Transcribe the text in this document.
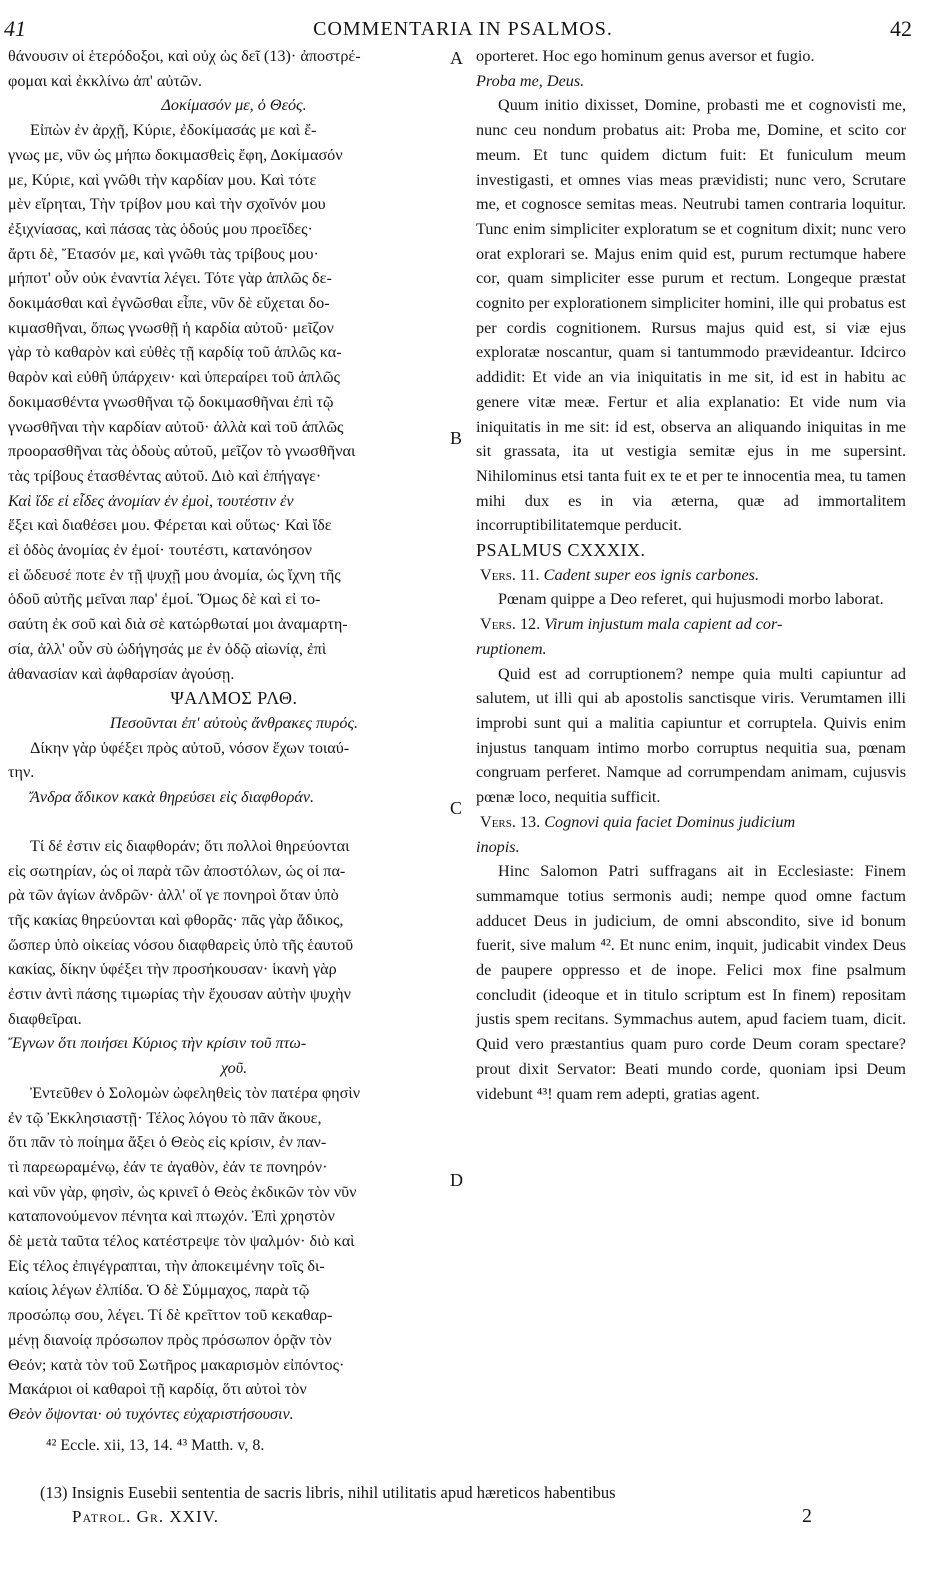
41	COMMENTARIA IN PSALMOS.	42

θάνουσιν οἱ ἑτερόδοξοι, καὶ οὐχ ὡς δεῖ (13)· ἀποστρέ-

φομαι καὶ ἐκκλίνω ἀπ' αὐτῶν.

Δοκίμασόν με, ὁ Θεός.

Εἰπὼν ἐν ἀρχῇ, Κύριε, ἐδοκίμασάς με καὶ ἔ-

γνως με, νῦν ὡς μήπω δοκιμασθεὶς ἔφη, Δοκίμασόν

με, Κύριε, καὶ γνῶθι τὴν καρδίαν μου. Καὶ τότε

μὲν εἴρηται, Τὴν τρίβον μου καὶ τὴν σχοῖνόν μου

ἐξιχνίασας, καὶ πάσας τὰς ὁδούς μου προεῖδες·

ἄρτι δὲ, Ἔτασόν με, καὶ γνῶθι τὰς τρίβους μου·

μήποτ' οὖν οὐκ ἐναντία λέγει. Τότε γὰρ ἁπλῶς δε-

δοκιμάσθαι καὶ ἐγνῶσθαι εἶπε, νῦν δὲ εὔχεται δο-

κιμασθῆναι, ὅπως γνωσθῇ ἡ καρδία αὐτοῦ· μεῖζον

γὰρ τὸ καθαρὸν καὶ εὐθὲς τῇ καρδίᾳ τοῦ ἁπλῶς κα-

θαρὸν καὶ εὐθῆ ὑπάρχειν· καὶ ὑπεραίρει τοῦ ἁπλῶς

δοκιμασθέντα γνωσθῆναι τῷ δοκιμασθῆναι ἐπὶ τῷ

γνωσθῆναι τὴν καρδίαν αὐτοῦ· ἀλλὰ καὶ τοῦ ἁπλῶς

προορασθῆναι τὰς ὁδοὺς αὐτοῦ, μεῖζον τὸ γνωσθῆναι

τὰς τρίβους ἐτασθέντας αὐτοῦ. Διὸ καὶ ἐπήγαγε·

Καὶ ἴδε εἰ εἶδες ἀνομίαν ἐν ἐμοὶ, τουτέστιν ἐν

ἕξει καὶ διαθέσει μου. Φέρεται καὶ οὕτως· Καὶ ἴδε

εἰ ὁδὸς ἀνομίας ἐν ἐμοί· τουτέστι, κατανόησον

εἰ ὥδευσέ ποτε ἐν τῇ ψυχῇ μου ἀνομία, ὡς ἴχνη τῆς

ὁδοῦ αὐτῆς μεῖναι παρ' ἐμοί. Ὅμως δὲ καὶ εἰ το-

σαύτη ἐκ σοῦ καὶ διὰ σὲ κατώρθωταί μοι ἀναμαρτη-

σία, ἀλλ' οὖν σὺ ὡδήγησάς με ἐν ὁδῷ αἰωνίᾳ, ἐπὶ

ἀθανασίαν καὶ ἀφθαρσίαν ἀγούσῃ.

ΨΑΛΜΟΣ ΡΛΘ.

Πεσοῦνται ἐπ' αὐτοὺς ἄνθρακες πυρός.

Δίκην γὰρ ὑφέξει πρὸς αὐτοῦ, νόσον ἔχων τοιαύ-

την.

Ἄνδρα ἄδικον κακὰ θηρεύσει εἰς διαφθοράν.

Τί δέ ἐστιν εἰς διαφθοράν; ὅτι πολλοὶ θηρεύονται

εἰς σωτηρίαν, ὡς οἱ παρὰ τῶν ἀποστόλων, ὡς οἱ πα-

ρὰ τῶν ἁγίων ἀνδρῶν· ἀλλ' οἵ γε πονηροὶ ὅταν ὑπὸ

τῆς κακίας θηρεύονται καὶ φθορᾶς· πᾶς γὰρ ἄδικος,

ὥσπερ ὑπὸ οἰκείας νόσου διαφθαρεὶς ὑπὸ τῆς ἑαυτοῦ

κακίας, δίκην ὑφέξει τὴν προσήκουσαν· ἱκανὴ γὰρ

ἐστιν ἀντὶ πάσης τιμωρίας τὴν ἔχουσαν αὐτὴν ψυχὴν

διαφθεῖραι.

Ἔγνων ὅτι ποιήσει Κύριος τὴν κρίσιν τοῦ πτω-

χοῦ.

Ἐντεῦθεν ὁ Σολομὼν ὠφεληθεὶς τὸν πατέρα φησὶν

ἐν τῷ Ἐκκλησιαστῇ· Τέλος λόγου τὸ πᾶν ἄκουε,

ὅτι πᾶν τὸ ποίημα ἄξει ὁ Θεὸς εἰς κρίσιν, ἐν παν-

τὶ παρεωραμένῳ, ἐάν τε ἀγαθὸν, ἐάν τε πονηρόν·

καὶ νῦν γὰρ, φησὶν, ὡς κρινεῖ ὁ Θεὸς ἐκδικῶν τὸν νῦν

καταπονούμενον πένητα καὶ πτωχόν. Ἐπὶ χρηστὸν

δὲ μετὰ ταῦτα τέλος κατέστρεψε τὸν ψαλμόν· διὸ καὶ

Εἰς τέλος ἐπιγέγραπται, τὴν ἀποκειμένην τοῖς δι-

καίοις λέγων ἐλπίδα. Ὁ δὲ Σύμμαχος, παρὰ τῷ

προσώπῳ σου, λέγει. Τί δὲ κρεῖττον τοῦ κεκαθαρ-

μένῃ διανοίᾳ πρόσωπον πρὸς πρόσωπον ὁρᾷν τὸν

Θεόν; κατὰ τὸν τοῦ Σωτῆρος μακαρισμὸν εἰπόντος·

Μακάριοι οἱ καθαροὶ τῇ καρδίᾳ, ὅτι αὐτοὶ τὸν

Θεὸν ὄψονται· οὐ τυχόντες εὐχαριστήσουσιν.

A
B
C
D

oporteret. Hoc ego hominum genus aversor et fugio.

Proba me, Deus.

Quum initio dixisset, Domine, probasti me et cognovisti me, nunc ceu nondum probatus ait: Proba me, Domine, et scito cor meum. Et tunc quidem dictum fuit: Et funiculum meum investigasti, et omnes vias meas prævidisti; nunc vero, Scrutare me, et cognosce semitas meas. Neutrubi tamen contraria loquitur. Tunc enim simpliciter exploratum se et cognitum dixit; nunc vero orat explorari se. Majus enim quid est, purum rectumque habere cor, quam simpliciter esse purum et rectum. Longeque præstat cognito per explorationem simpliciter homini, ille qui probatus est per cordis cognitionem. Rursus majus quid est, si viæ ejus exploratæ noscantur, quam si tantummodo prævideantur. Idcirco addidit: Et vide an via iniquitatis in me sit, id est in habitu ac genere vitæ meæ. Fertur et alia explanatio: Et vide num via iniquitatis in me sit: id est, observa an aliquando iniquitas in me sit grassata, ita ut vestigia semitæ ejus in me supersint. Nihilominus etsi tanta fuit ex te et per te innocentia mea, tu tamen mihi dux es in via æterna, quæ ad immortalitem incorruptibilitatemque perducit.

PSALMUS CXXXIX.

Vers. 11. Cadent super eos ignis carbones.

Pœnam quippe a Deo referet, qui hujusmodi morbo laborat.

Vers. 12. Virum injustum mala capient ad cor-

ruptionem.

Quid est ad corruptionem? nempe quia multi capiuntur ad salutem, ut illi qui ab apostolis sanctisque viris. Verumtamen illi improbi sunt qui a malitia capiuntur et corruptela. Quivis enim injustus tanquam intimo morbo corruptus nequitia sua, pœnam congruam perferet. Namque ad corrumpendam animam, cujusvis pœnæ loco, nequitia sufficit.

Vers. 13. Cognovi quia faciet Dominus judicium

inopis.

Hinc Salomon Patri suffragans ait in Ecclesiaste: Finem summamque totius sermonis audi; nempe quod omne factum adducet Deus in judicium, de omni abscondito, sive id bonum fuerit, sive malum ⁴². Et nunc enim, inquit, judicabit vindex Deus de paupere oppresso et de inope. Felici mox fine psalmum concludit (ideoque et in titulo scriptum est In finem) repositam justis spem recitans. Symmachus autem, apud faciem tuam, dicit. Quid vero præstantius quam puro corde Deum coram spectare? prout dixit Servator: Beati mundo corde, quoniam ipsi Deum videbunt ⁴³! quam rem adepti, gratias agent.

⁴² Eccle. xii, 13, 14. ⁴³ Matth. v, 8.
(13) Insignis Eusebii sententia de sacris libris, nihil utilitatis apud hæreticos habentibus
Patrol. Gr. XXIV.	2
